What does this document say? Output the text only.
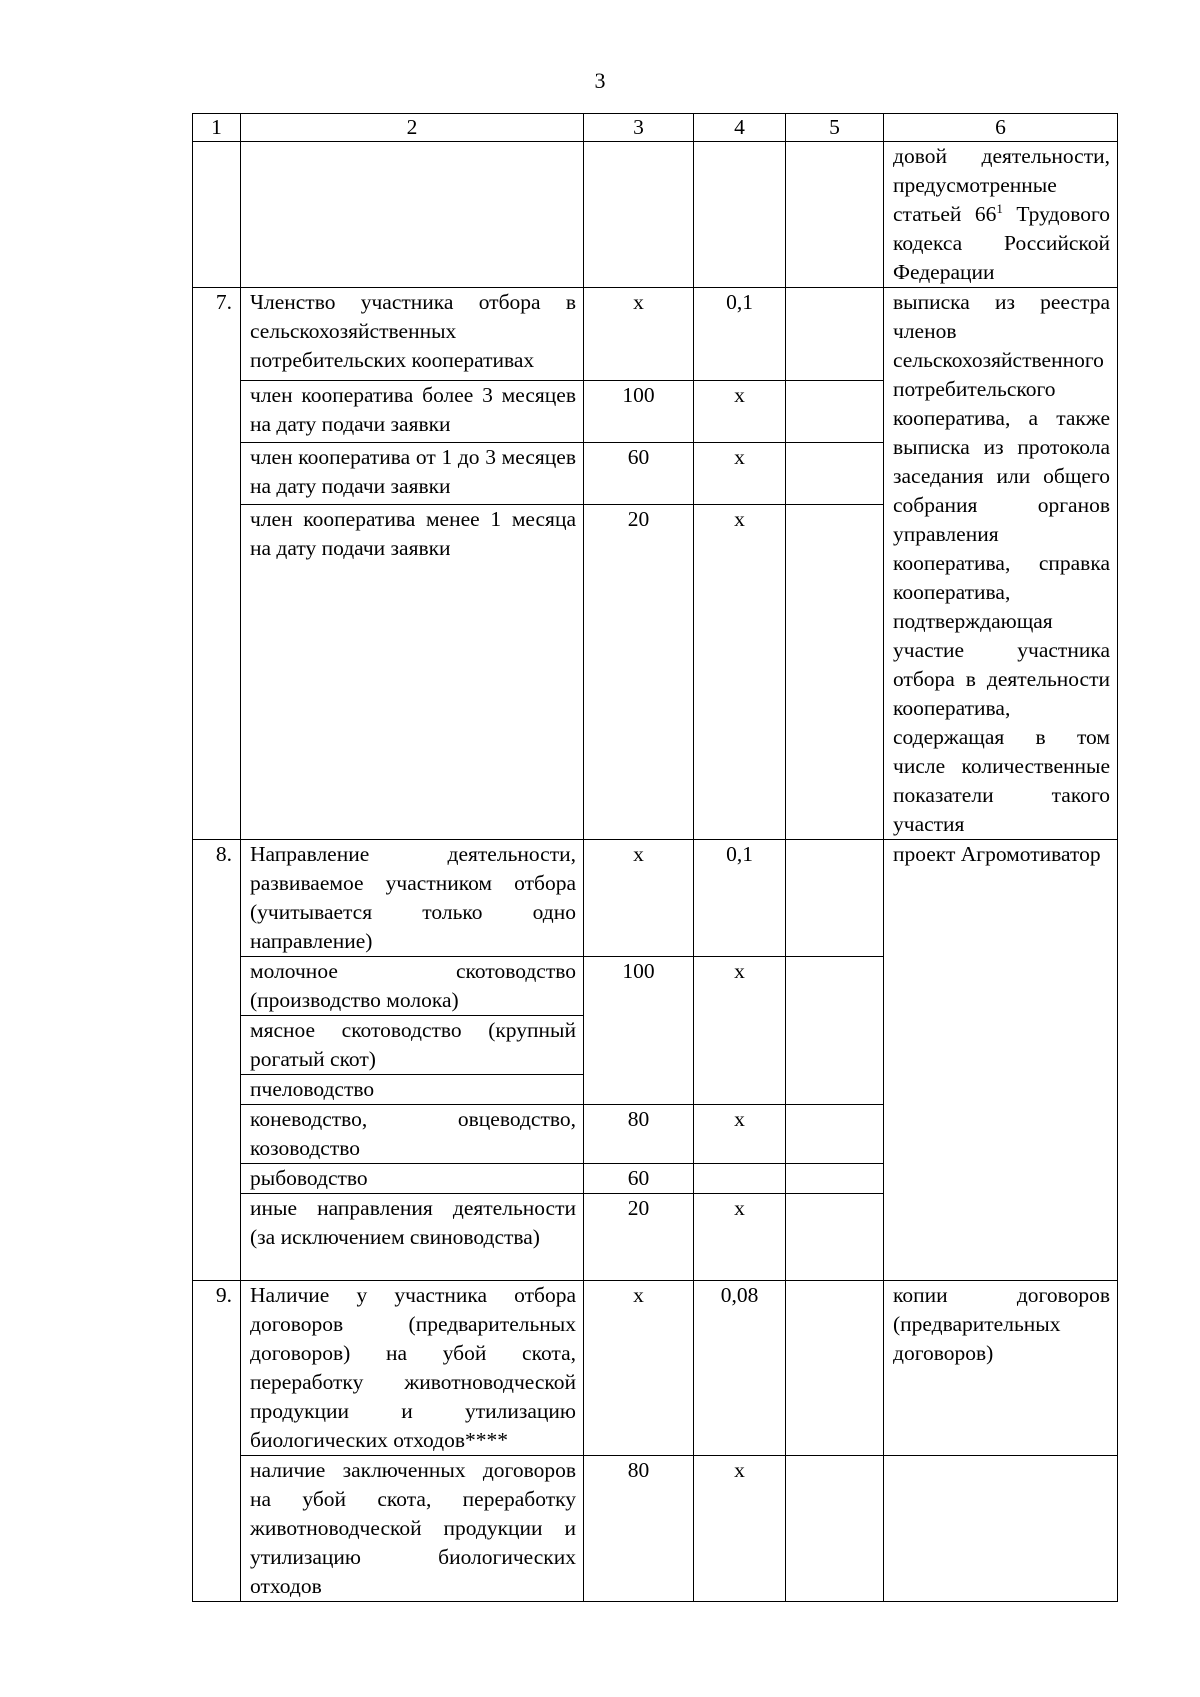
3
1	2	3	4	5	6
					довой деятельности, предусмотренные статьей $66^1$ Трудового кодекса Российской Федерации
7.	Членство участника отбора в сельскохозяйственных потребительских кооперативах	х	0,1		выписка из реестра членов сельскохозяйственного потребительского кооператива, а также выписка из протокола заседания или общего собрания органов управления кооператива, справка кооператива, подтверждающая участие участника отбора в деятельности кооператива, содержащая в том числе количественные показатели такого участия
	член кооператива более 3 месяцев на дату подачи заявки	100	х		
	член кооператива от 1 до 3 месяцев на дату подачи заявки	60	х		
	член кооператива менее 1 месяца на дату подачи заявки	20	х		
8.	Направление деятельности, развиваемое участником отбора (учитывается только одно направление)	х	0,1		проект Агромотиватор
	молочное скотоводство (производство молока)	100	х		
	мясное скотоводство (крупный рогатый скот)				
	пчеловодство				
	коневодство, овцеводство, козоводство	80	х		
	рыбоводство	60			
	иные направления деятельности (за исключением свиноводства)	20	х		
9.	Наличие у участника отбора договоров (предварительных договоров) на убой скота, переработку животноводческой продукции и утилизацию биологических отходов****	х	0,08		копии договоров (предварительных договоров)
	наличие заключенных договоров на убой скота, переработку животноводческой продукции и утилизацию биологических отходов	80	х		
